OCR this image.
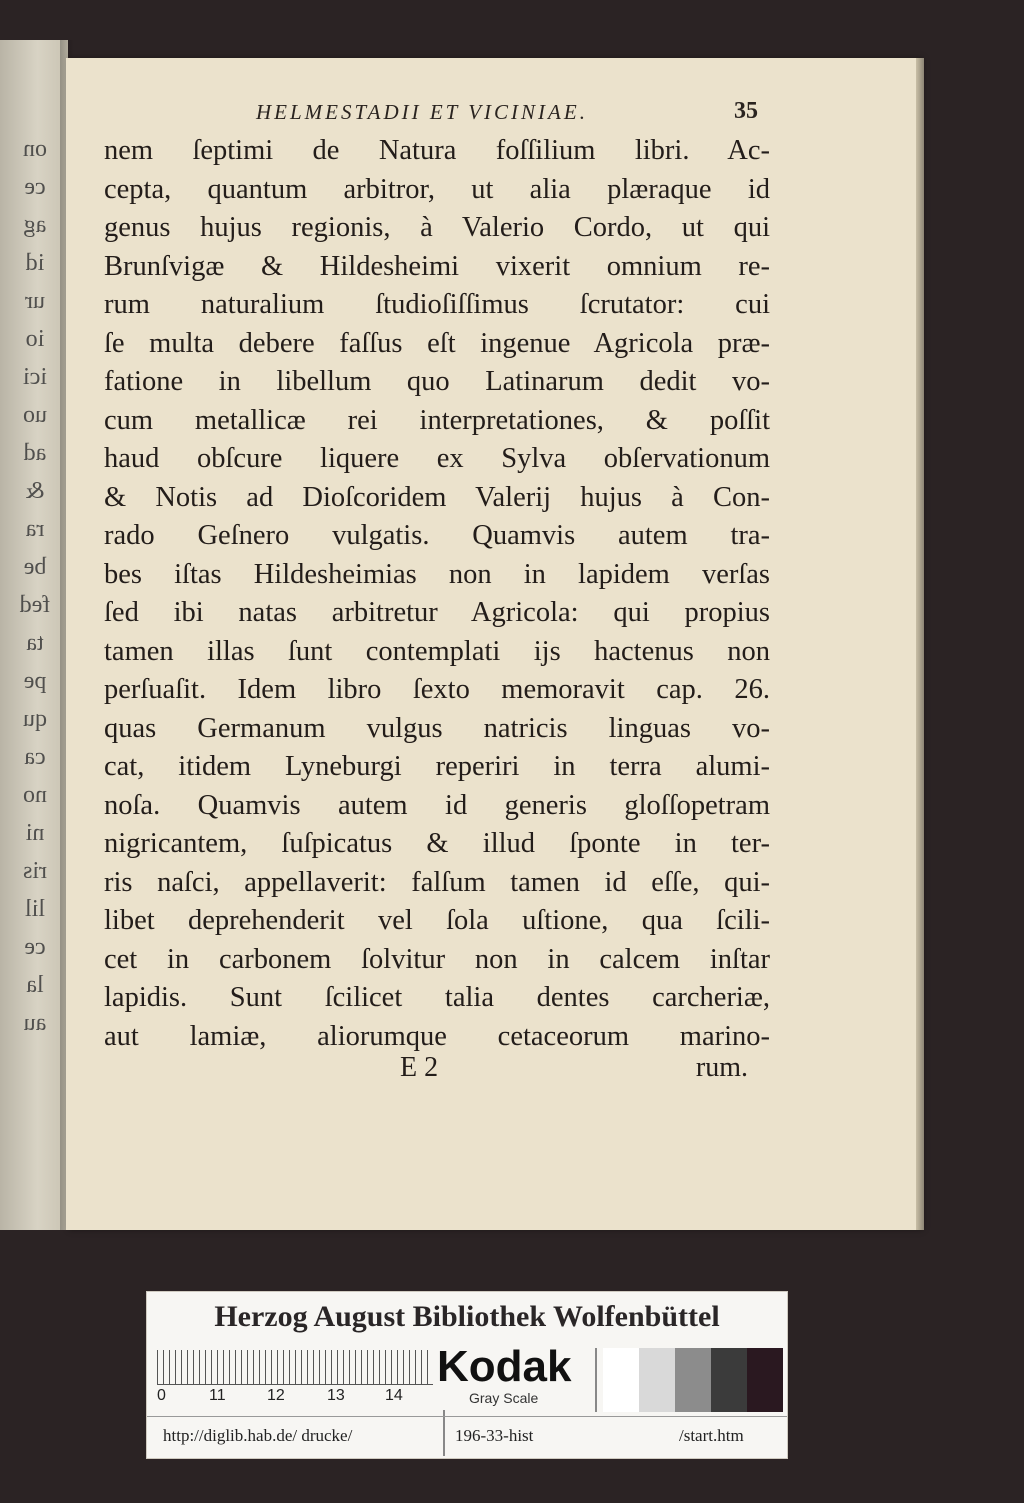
on
ce
ag
id
ur
io
ici
uo
ad
&
ra
be
fed
ta
pe
qu
ca
no
ni
ris
lil
ce
la
au
HELMESTADII ET VICINIAE.	35
nem ſeptimi de Natura foſſilium libri. Ac-
cepta, quantum arbitror, ut alia plæraque id
genus hujus regionis, à Valerio Cordo, ut qui
Brunſvigæ & Hildesheimi vixerit omnium re-
rum naturalium ſtudioſiſſimus ſcrutator: cui
ſe multa debere faſſus eſt ingenue Agricola præ-
fatione in libellum quo Latinarum dedit vo-
cum metallicæ rei interpretationes, & poſſit
haud obſcure liquere ex Sylva obſervationum
& Notis ad Dioſcoridem Valerij hujus à Con-
rado Geſnero vulgatis. Quamvis autem tra-
bes iſtas Hildesheimias non in lapidem verſas
ſed ibi natas arbitretur Agricola: qui propius
tamen illas ſunt contemplati ijs hactenus non
perſuaſit. Idem libro ſexto memoravit cap. 26.
quas Germanum vulgus natricis linguas vo-
cat, itidem Lyneburgi reperiri in terra alumi-
noſa. Quamvis autem id generis gloſſopetram
nigricantem, ſuſpicatus & illud ſponte in ter-
ris naſci, appellaverit: falſum tamen id eſſe, qui-
libet deprehenderit vel ſola uſtione, qua ſcili-
cet in carbonem ſolvitur non in calcem inſtar
lapidis. Sunt ſcilicet talia dentes carcheriæ,
aut lamiæ, aliorumque cetaceorum marino-
E 2	rum.
Herzog August Bibliothek Wolfenbüttel
0	11	12	13	14
Kodak
Gray Scale
http://diglib.hab.de/ drucke/	196-33-hist	/start.htm
